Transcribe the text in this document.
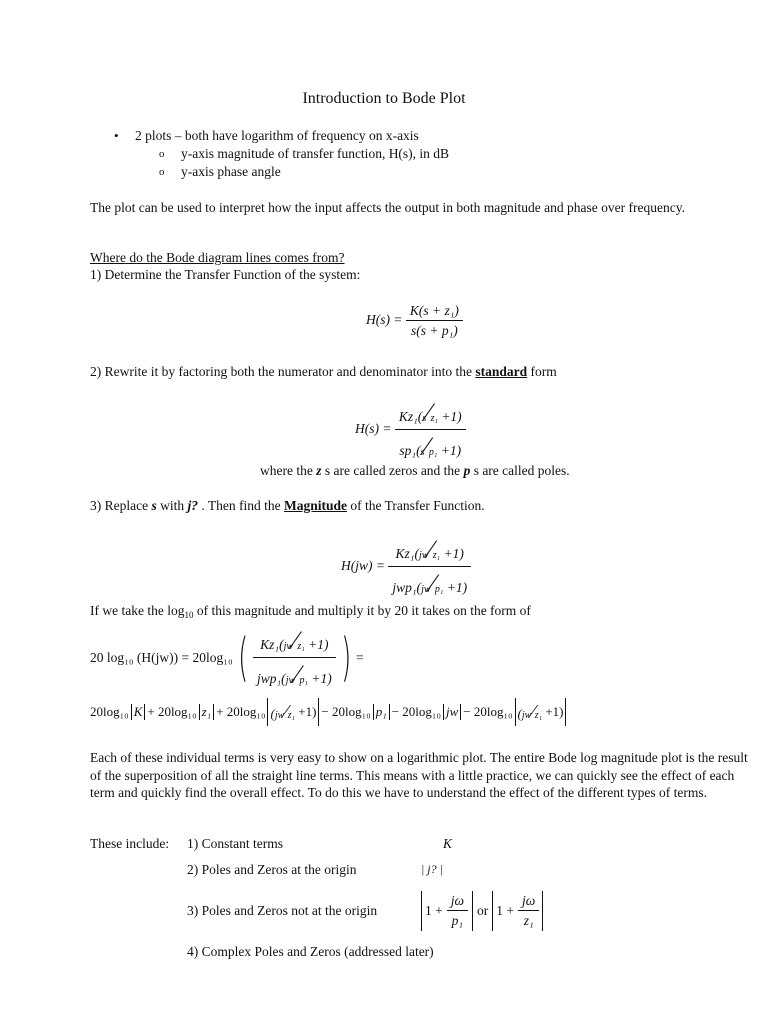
Introduction to Bode Plot
• 2 plots – both have logarithm of frequency on x-axis
o y-axis magnitude of transfer function, H(s), in dB
o y-axis phase angle
The plot can be used to interpret how the input affects the output in both magnitude and phase over frequency.
Where do the Bode diagram lines comes from?
1) Determine the Transfer Function of the system:
$H(s) = \frac{\text{K(s + z₁)}}{\text{s(s + p₁)}}$
2) Rewrite it by factoring both the numerator and denominator into the standard form
$H(s) = \frac{\text{Kz₁(s⁄z₁ +1)}}{\text{sp₁(s⁄p₁ +1)}}$
where the z s are called zeros and the p s are called poles.
3) Replace s with j? . Then find the Magnitude of the Transfer Function.
$H(jw) = \frac{\text{Kz₁(jw⁄z₁ +1)}}{\text{jwp₁(jw⁄p₁ +1)}}$
If we take the $\log_{10}$ of this magnitude and multiply it by 20 it takes on the form of
20 log₁₀ (H(jw)) = 20log₁₀ ( $\frac{\text{Kz₁(jw⁄z₁ +1)}}{\text{jwp₁(jw⁄p₁ +1)}}$ ) =
20log₁₀ K + 20log₁₀ z₁ + 20log₁₀ (jw⁄z₁
+1) − 20log₁₀ p₁ − 20log₁₀ jw − 20log₁₀ (jw⁄z₁
+1)
Each of these individual terms is very easy to show on a logarithmic plot. The entire Bode log magnitude plot is the result of the superposition of all the straight line terms. This means with a little practice, we can quickly see the effect of each term and quickly find the overall effect. To do this we have to understand the effect of the different types of terms.
These include: 1) Constant terms	K
2) Poles and Zeros at the origin	| j? |
3) Poles and Zeros not at the origin	$1 + \frac{j\omega}{\text{p₁}}$ or $1 + \frac{j\omega}{\text{z₁}}$
4) Complex Poles and Zeros (addressed later)
